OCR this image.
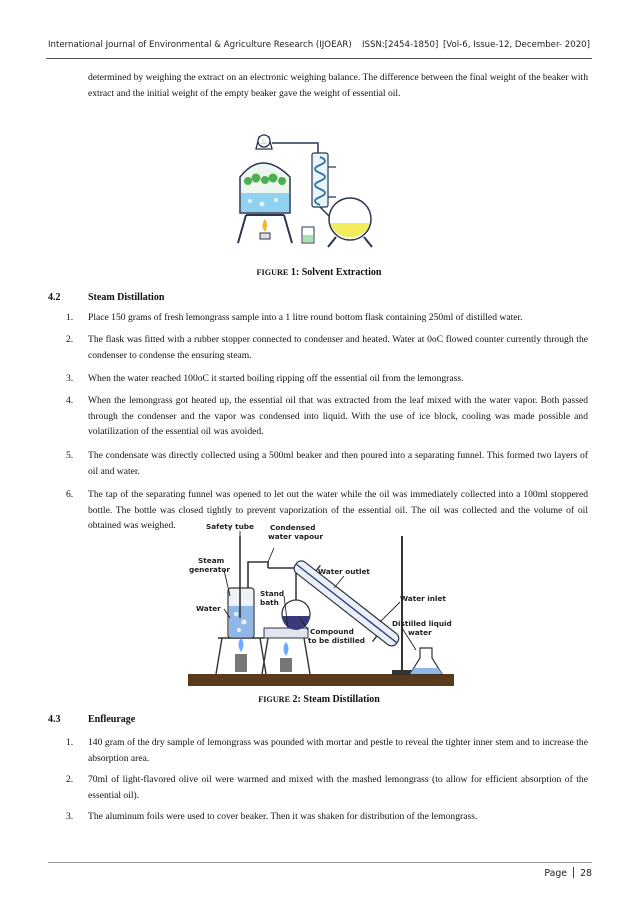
International Journal of Environmental & Agriculture Research (IJOEAR) ISSN:[2454-1850] [Vol-6, Issue-12, December- 2020]
determined by weighing the extract on an electronic weighing balance. The difference between the final weight of the beaker with extract and the initial weight of the empty beaker gave the weight of essential oil.
♨
FIGURE 1: Solvent Extraction
4.2	Steam Distillation
1.	Place 150 grams of fresh lemongrass sample into a 1 litre round bottom flask containing 250ml of distilled water.
2.	The flask was fitted with a rubber stopper connected to condenser and heated. Water at 0oC flowed counter currently through the condenser to condense the ensuring steam.
3.	When the water reached 100oC it started boiling ripping off the essential oil from the lemongrass.
4.	When the lemongrass got heated up, the essential oil that was extracted from the leaf mixed with the water vapor. Both passed through the condenser and the vapor was condensed into liquid. With the use of ice block, cooling was made possible and volatilization of the essential oil was avoided.
5.	The condensate was directly collected using a 500ml beaker and then poured into a separating funnel. This formed two layers of oil and water.
6.	The tap of the separating funnel was opened to let out the water while the oil was immediately collected into a 100ml stoppered bottle. The bottle was closed tightly to prevent vaporization of the essential oil. The oil was collected and the volume of oil obtained was weighed.	Safety tube Condensed
water vapour
Steam
generator
Water
Stand
bath
Water outlet
Water inlet
Distilled liquid
water
Compound
to be distilled
FIGURE 2: Steam Distillation
4.3	Enfleurage
1.	140 gram of the dry sample of lemongrass was pounded with mortar and pestle to reveal the tighter inner stem and to increase the absorption area.
2.	70ml of light-flavored olive oil were warmed and mixed with the mashed lemongrass (to allow for efficient absorption of the essential oil).
3.	The aluminum foils were used to cover beaker. Then it was shaken for distribution of the lemongrass.
Page 28
